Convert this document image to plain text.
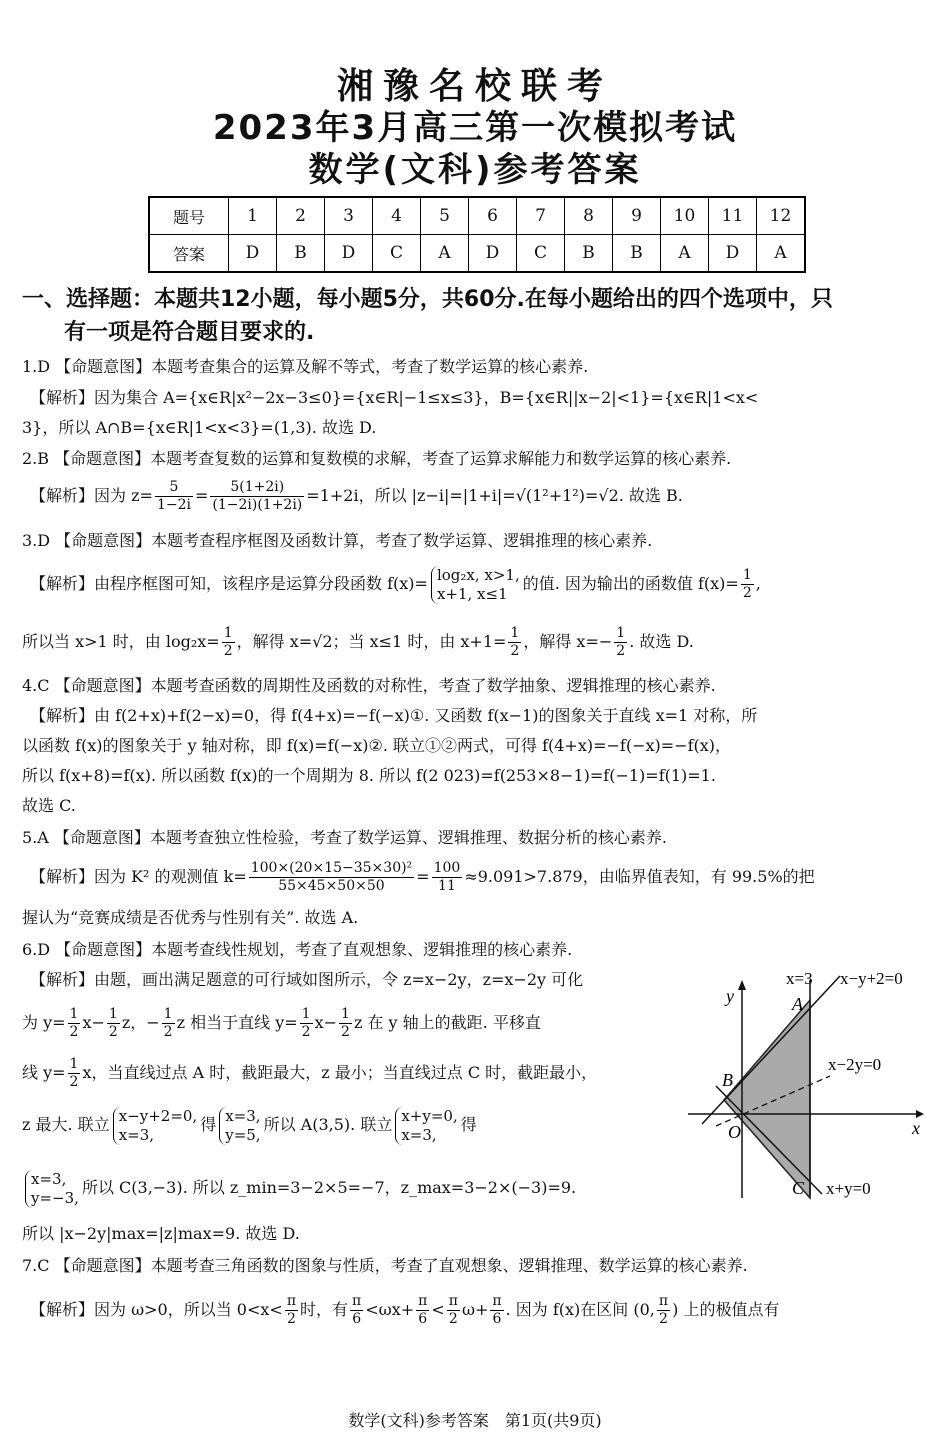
湘豫名校联考
2023年3月高三第一次模拟考试
数学(文科)参考答案
题号	1	2	3	4	5	6	7	8	9	10	11	12
答案	D	B	D	C	A	D	C	B	B	A	D	A
一、选择题：本题共12小题，每小题5分，共60分.在每小题给出的四个选项中，只
有一项是符合题目要求的.
1.D 【命题意图】本题考查集合的运算及解不等式，考查了数学运算的核心素养.
【解析】因为集合 A={x∈R|x²−2x−3≤0}={x∈R|−1≤x≤3}，B={x∈R||x−2|<1}={x∈R|1<x<
3}，所以 A∩B={x∈R|1<x<3}=(1,3). 故选 D.
2.B 【命题意图】本题考查复数的运算和复数模的求解，考查了运算求解能力和数学运算的核心素养.
【解析】因为 $z= \frac{5}{1-2i} = \frac{5(1+2i)}{(1-2i)(1+2i)} =1+2i$，所以 |z−i|=|1+i|=√(1²+1²)=√2. 故选 B.
3.D 【命题意图】本题考查程序框图及函数计算，考查了数学运算、逻辑推理的核心素养.
【解析】由程序框图可知，该程序是运算分段函数 f(x)= log₂x, x>1,
x+1, x≤1
的值. 因为输出的函数值 $f(x)= \frac{1}{2}$ ,
所以当 x>1 时，由 $\log_2x= \frac{1}{2}$ ，解得 x=√2；当 x≤1 时，由 $x+1= \frac{1}{2}$ ，解得 $x=- \frac{1}{2}$ . 故选 D.
4.C 【命题意图】本题考查函数的周期性及函数的对称性，考查了数学抽象、逻辑推理的核心素养.
【解析】由 f(2+x)+f(2−x)=0，得 f(4+x)=−f(−x)①. 又函数 f(x−1)的图象关于直线 x=1 对称，所
以函数 f(x)的图象关于 y 轴对称，即 f(x)=f(−x)②. 联立①②两式，可得 f(4+x)=−f(−x)=−f(x)，
所以 f(x+8)=f(x). 所以函数 f(x)的一个周期为 8. 所以 f(2 023)=f(253×8−1)=f(−1)=f(1)=1.
故选 C.
5.A 【命题意图】本题考查独立性检验，考查了数学运算、逻辑推理、数据分析的核心素养.
【解析】因为 K² 的观测值 $k= \frac{\text{100×(20×15−35×30)²}}{55\times 45\times 50\times 50} = \frac{100}{11} \approx 9.091>7.879$，由临界值表知，有 99.5%的把
握认为“竞赛成绩是否优秀与性别有关”. 故选 A.
6.D 【命题意图】本题考查线性规划，考查了直观想象、逻辑推理的核心素养.
【解析】由题，画出满足题意的可行域如图所示，令 z=x−2y，z=x−2y 可化
为 $y= \frac{1}{2} x- \frac{1}{2}$ z，− $\frac{1}{2}$ z 相当于直线 $y= \frac{1}{2} x- \frac{1}{2}$ z 在 y 轴上的截距. 平移直
线 $y= \frac{1}{2}$ x，当直线过点 A 时，截距最大，z 最小；当直线过点 C 时，截距最小，
z 最大. 联立 x−y+2=0,
x=3,
得 x=3,
y=5,
所以 A(3,5). 联立 x+y=0,
x=3,
得
x=3,
y=−3,
所以 C(3,−3). 所以 z_min=3−2×5=−7，z_max=3−2×(−3)=9.
所以 |x−2y|max=|z|max=9. 故选 D.
x=3 x−y+2=0
x−2y=0
x+y=0
A
B
C
O	x
y
7.C 【命题意图】本题考查三角函数的图象与性质，考查了直观想象、逻辑推理、数学运算的核心素养.
【解析】因为 ω>0，所以当 $0<x< \frac{\pi}{2}$ 时，有 $\frac{\pi}{6} <\omega x+ \frac{\pi}{6} < \frac{\pi}{2} \omega+ \frac{\pi}{6}$ . 因为 f(x)在区间 (0, $\frac{\pi}{2}$ ) 上的极值点有
数学(文科)参考答案　第1页(共9页)
